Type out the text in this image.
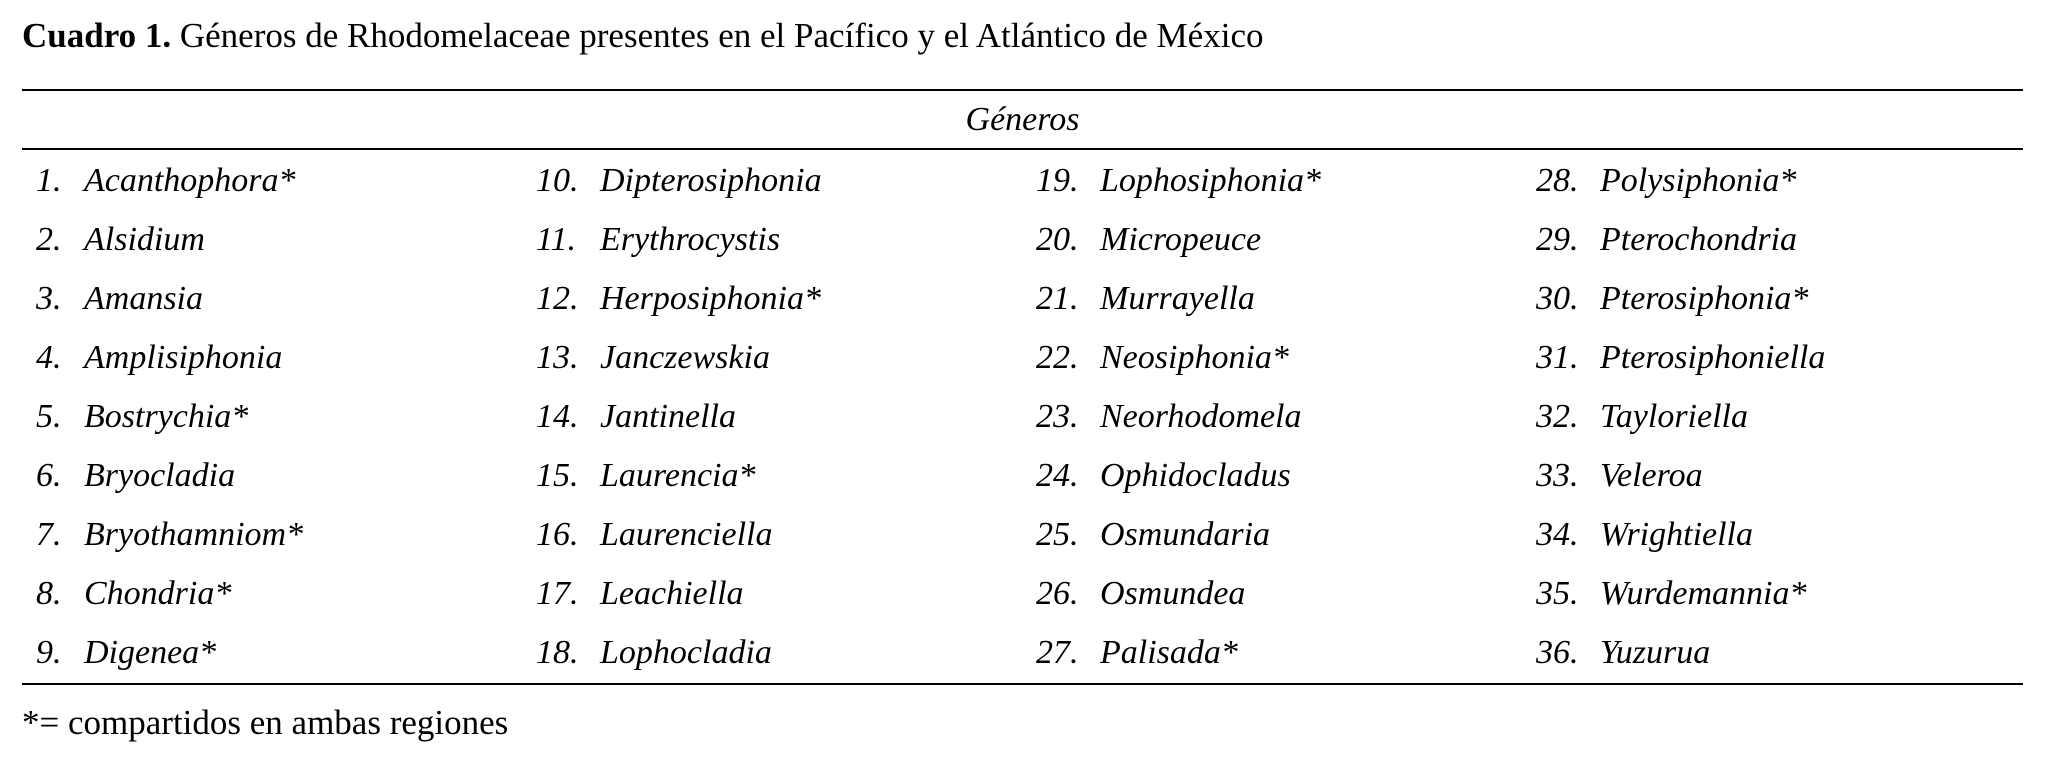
Cuadro 1. Géneros de Rhodomelaceae presentes en el Pacífico y el Atlántico de México
Géneros
1. Acanthophora*
2. Alsidium
3. Amansia
4. Amplisiphonia
5. Bostrychia*
6. Bryocladia
7. Bryothamniom*
8. Chondria*
9. Digenea*
10. Dipterosiphonia
11. Erythrocystis
12. Herposiphonia*
13. Janczewskia
14. Jantinella
15. Laurencia*
16. Laurenciella
17. Leachiella
18. Lophocladia
19. Lophosiphonia*
20. Micropeuce
21. Murrayella
22. Neosiphonia*
23. Neorhodomela
24. Ophidocladus
25. Osmundaria
26. Osmundea
27. Palisada*
28. Polysiphonia*
29. Pterochondria
30. Pterosiphonia*
31. Pterosiphoniella
32. Tayloriella
33. Veleroa
34. Wrightiella
35. Wurdemannia*
36. Yuzurua
*= compartidos en ambas regiones
